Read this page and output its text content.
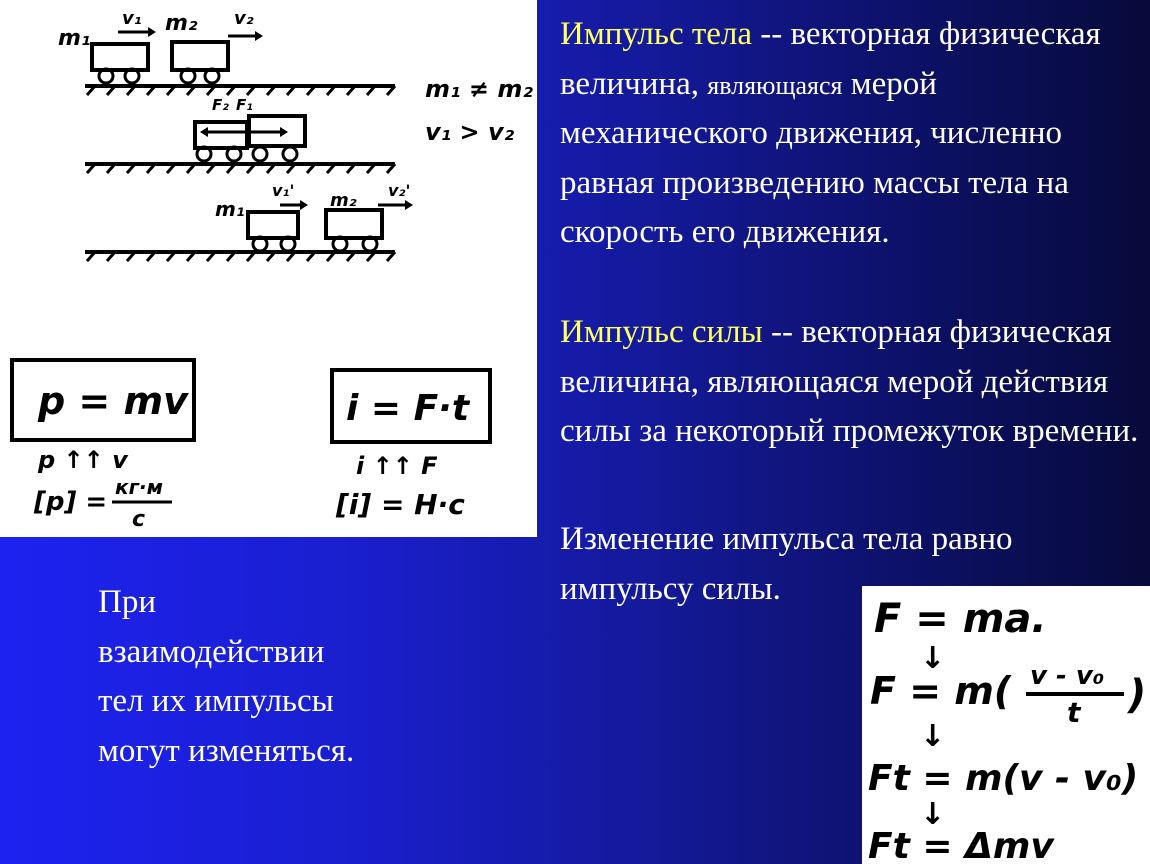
m₁
v₁ m₂ v₂
m₁ ≠ m₂
v₁ > v₂
F₂ F₁
v₁'
m₁	m₂ v₂'
p = mv
p ↑↑ v
[p] = кг·м
с
i = F·t
i ↑↑ F
[i] = Н·с

Импульс тела -- векторная физическая величина, являющаяся мерой механического движения, численно равная произведению массы тела на скорость его движения.

Импульс силы -- векторная физическая величина, являющаяся мерой действия силы за некоторый промежуток времени.

Изменение импульса тела равно импульсу силы.

При взаимодействии тел их импульсы могут изменяться.

F = ma.
↓
F = m( v - v₀
t )
↓
Ft = m(v - v₀)
↓
Ft = Δmv
